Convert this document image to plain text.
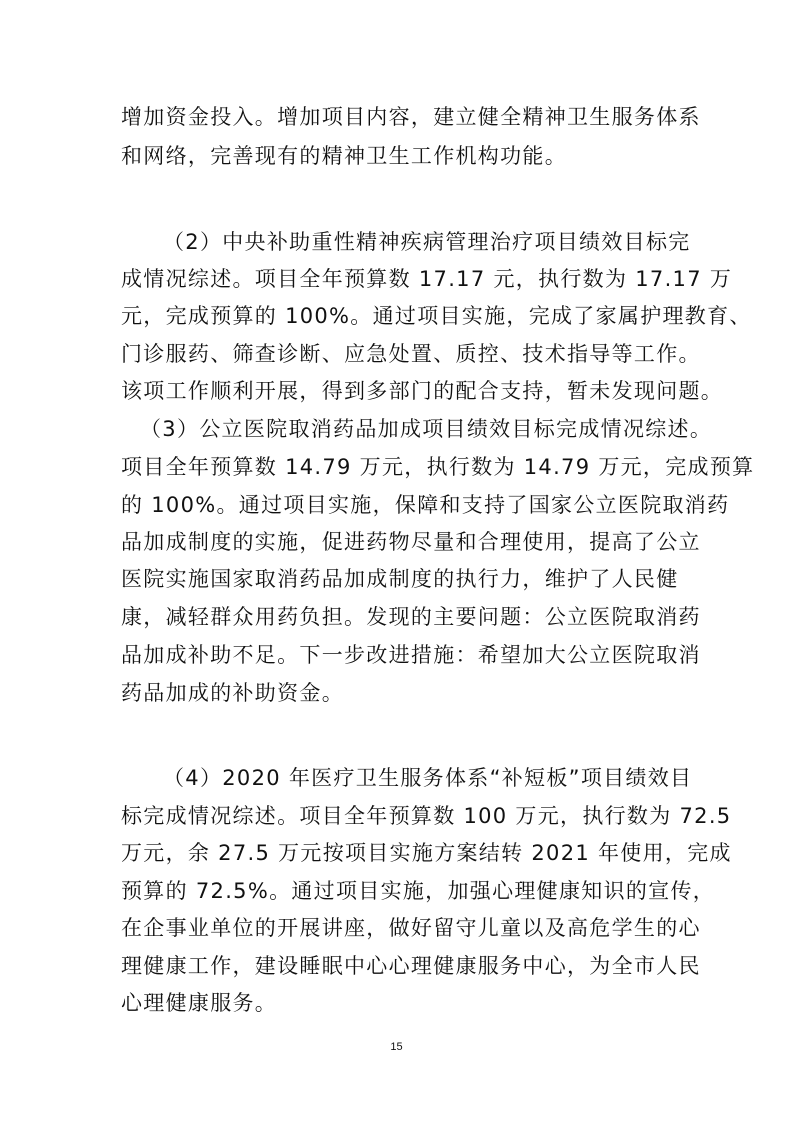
增加资金投入。增加项目内容，建立健全精神卫生服务体系
和网络，完善现有的精神卫生工作机构功能。
（2）中央补助重性精神疾病管理治疗项目绩效目标完
成情况综述。项目全年预算数 17.17 元，执行数为 17.17 万
元，完成预算的 100%。通过项目实施，完成了家属护理教育、
门诊服药、筛查诊断、应急处置、质控、技术指导等工作。
该项工作顺利开展，得到多部门的配合支持，暂未发现问题。
（3）公立医院取消药品加成项目绩效目标完成情况综述。
项目全年预算数 14.79 万元，执行数为 14.79 万元，完成预算
的 100%。通过项目实施，保障和支持了国家公立医院取消药
品加成制度的实施，促进药物尽量和合理使用，提高了公立
医院实施国家取消药品加成制度的执行力，维护了人民健
康，减轻群众用药负担。发现的主要问题：公立医院取消药
品加成补助不足。下一步改进措施：希望加大公立医院取消
药品加成的补助资金。
（4）2020 年医疗卫生服务体系“补短板”项目绩效目
标完成情况综述。项目全年预算数 100 万元，执行数为 72.5
万元，余 27.5 万元按项目实施方案结转 2021 年使用，完成
预算的 72.5%。通过项目实施，加强心理健康知识的宣传，
在企事业单位的开展讲座，做好留守儿童以及高危学生的心
理健康工作，建设睡眠中心心理健康服务中心，为全市人民
心理健康服务。
15
